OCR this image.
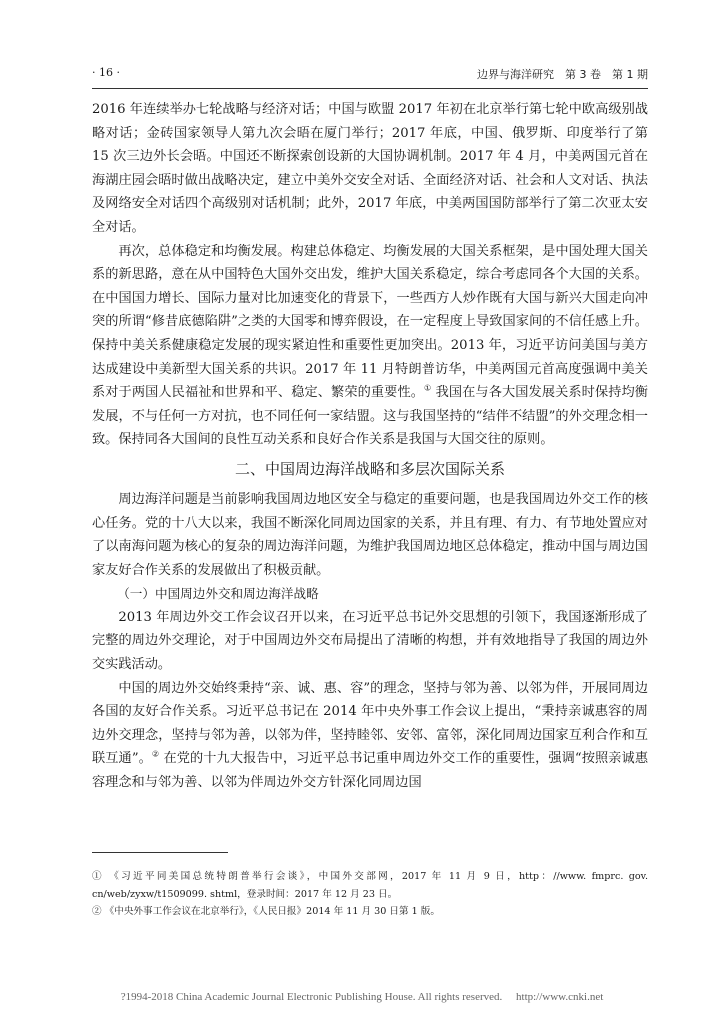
· 16 ·	边界与海洋研究　第 3 卷　第 1 期

2016 年连续举办七轮战略与经济对话；中国与欧盟 2017 年初在北京举行第七轮中欧高级别战略对话；金砖国家领导人第九次会晤在厦门举行；2017 年底，中国、俄罗斯、印度举行了第 15 次三边外长会晤。中国还不断探索创设新的大国协调机制。2017 年 4 月，中美两国元首在海湖庄园会晤时做出战略决定，建立中美外交安全对话、全面经济对话、社会和人文对话、执法及网络安全对话四个高级别对话机制；此外，2017 年底，中美两国国防部举行了第二次亚太安全对话。

再次，总体稳定和均衡发展。构建总体稳定、均衡发展的大国关系框架，是中国处理大国关系的新思路，意在从中国特色大国外交出发，维护大国关系稳定，综合考虑同各个大国的关系。在中国国力增长、国际力量对比加速变化的背景下，一些西方人炒作既有大国与新兴大国走向冲突的所谓“修昔底德陷阱”之类的大国零和博弈假设，在一定程度上导致国家间的不信任感上升。保持中美关系健康稳定发展的现实紧迫性和重要性更加突出。2013 年，习近平访问美国与美方达成建设中美新型大国关系的共识。2017 年 11 月特朗普访华，中美两国元首高度强调中美关系对于两国人民福祉和世界和平、稳定、繁荣的重要性。① 我国在与各大国发展关系时保持均衡发展，不与任何一方对抗，也不同任何一家结盟。这与我国坚持的“结伴不结盟”的外交理念相一致。保持同各大国间的良性互动关系和良好合作关系是我国与大国交往的原则。

二、中国周边海洋战略和多层次国际关系

周边海洋问题是当前影响我国周边地区安全与稳定的重要问题，也是我国周边外交工作的核心任务。党的十八大以来，我国不断深化同周边国家的关系，并且有理、有力、有节地处置应对了以南海问题为核心的复杂的周边海洋问题，为维护我国周边地区总体稳定，推动中国与周边国家友好合作关系的发展做出了积极贡献。

（一）中国周边外交和周边海洋战略

2013 年周边外交工作会议召开以来，在习近平总书记外交思想的引领下，我国逐渐形成了完整的周边外交理论，对于中国周边外交布局提出了清晰的构想，并有效地指导了我国的周边外交实践活动。

中国的周边外交始终秉持“亲、诚、惠、容”的理念，坚持与邻为善、以邻为伴，开展同周边各国的友好合作关系。习近平总书记在 2014 年中央外事工作会议上提出，“秉持亲诚惠容的周边外交理念，坚持与邻为善，以邻为伴，坚持睦邻、安邻、富邻，深化同周边国家互利合作和互联互通”。② 在党的十九大报告中，习近平总书记重申周边外交工作的重要性，强调“按照亲诚惠容理念和与邻为善、以邻为伴周边外交方针深化同周边国

① 《习近平同美国总统特朗普举行会谈》，中国外交部网，2017 年 11 月 9 日，http：//www. fmprc. gov. cn/web/zyxw/t1509099. shtml，登录时间：2017 年 12 月 23 日。

② 《中央外事工作会议在北京举行》，《人民日报》2014 年 11 月 30 日第 1 版。

?1994-2018 China Academic Journal Electronic Publishing House. All rights reserved.　 http://www.cnki.net
